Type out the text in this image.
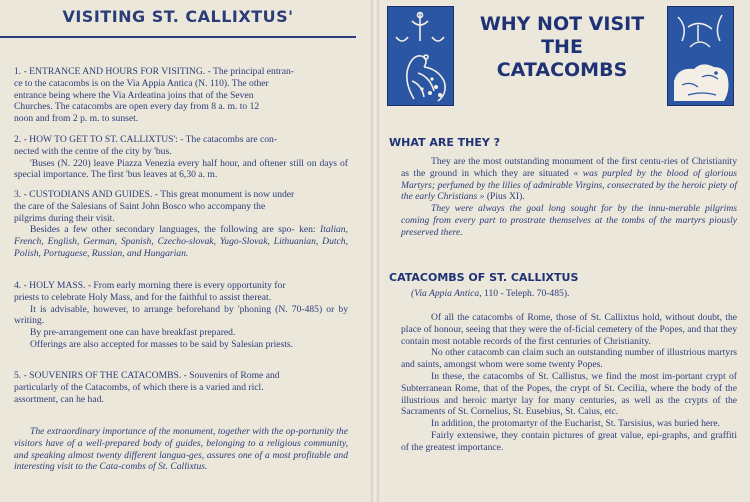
VISITING ST. CALLIXTUS'

1. - ENTRANCE AND HOURS FOR VISITING. - The principal entran-

ce to the catacombs is on the Via Appia Antica (N. 110). The other

entrance being where the Via Ardeatina joins that of the Seven

Churches. The catacombs are open every day from 8 a. m. to 12

noon and from 2 p. m. to sunset.

2. - HOW TO GET TO ST. CALLIXTUS': - The catacombs are con-

nected with the centre of the city by 'bus.

'Buses (N. 220) leave Piazza Venezia every half hour, and oftener still on days of special importance. The first 'bus leaves at 6,30 a. m.

3. - CUSTODIANS AND GUIDES. - This great monument is now under

the care of the Salesians of Saint John Bosco who accompany the

pilgrims during their visit.

Besides a few other secondary languages, the following are spo- ken: Italian, French, English, German, Spanish, Czecho-slovak, Yugo-Slovak, Lithuanian, Dutch, Polish, Portuguese, Russian, and Hungarian.

4. - HOLY MASS. - From early morning there is every opportunity for

priests to celebrate Holy Mass, and for the faithful to assist thereat.

It is advisable, however, to arrange beforehand by 'phoning (N. 70-485) or by writing.

By pre-arrangement one can have breakfast prepared.

Offerings are also accepted for masses to be said by Salesian priests.

5. - SOUVENIRS OF THE CATACOMBS. - Souvenirs of Rome and

particularly of the Catacombs, of which there is a varied and ricl.

assortment, can he had.

The extraordinary importance of the monument, together with the op-portunity the visitors have of a well-prepared body of guides, belonging to a religious community, and speaking almost twenty different langua-ges, assures one of a most profitable and interesting visit to the Cata-combs of St. Callixtus.

WHY NOT VISIT
THE
CATACOMBS
WHAT ARE THEY ?

They are the most outstanding monument of the first centu-ries of Christianity as the ground in which they are situated « was purpled by the blood of glorious Martyrs; perfumed by the lilies of admirable Virgins, consecrated by the heroic piety of the early Christians » (Pius XI).

They were always the goal long sought for by the innu-merable pilgrims coming from every part to prostrate themselves at the tombs of the martyrs piously preserved there.

CATACOMBS OF ST. CALLIXTUS

(Via Appia Antica, 110 - Teleph. 70-485).

Of all the catacombs of Rome, those of St. Callixtus hold, without doubt, the place of honour, seeing that they were the of-ficial cemetery of the Popes, and that they contain most notable records of the first centuries of Christianity.

No other catacomb can claim such an outstanding number of illustrious martyrs and saints, amongst whom were some twenty Popes.

In these, the catacombs of St. Callistus, we find the most im-portant crypt of Subterranean Rome, that of the Popes, the crypt of St. Cecilia, where the body of the illustrious and heroic martyr lay for many centuries, as well as the crypts of the Sacraments of St. Cornelius, St. Eusebius, St. Caius, etc.

In addition, the protomartyr of the Eucharist, St. Tarsisius, was buried here.

Fairly extensiwe, they contain pictures of great value, epi-graphs, and graffiti of the greatest importance.
